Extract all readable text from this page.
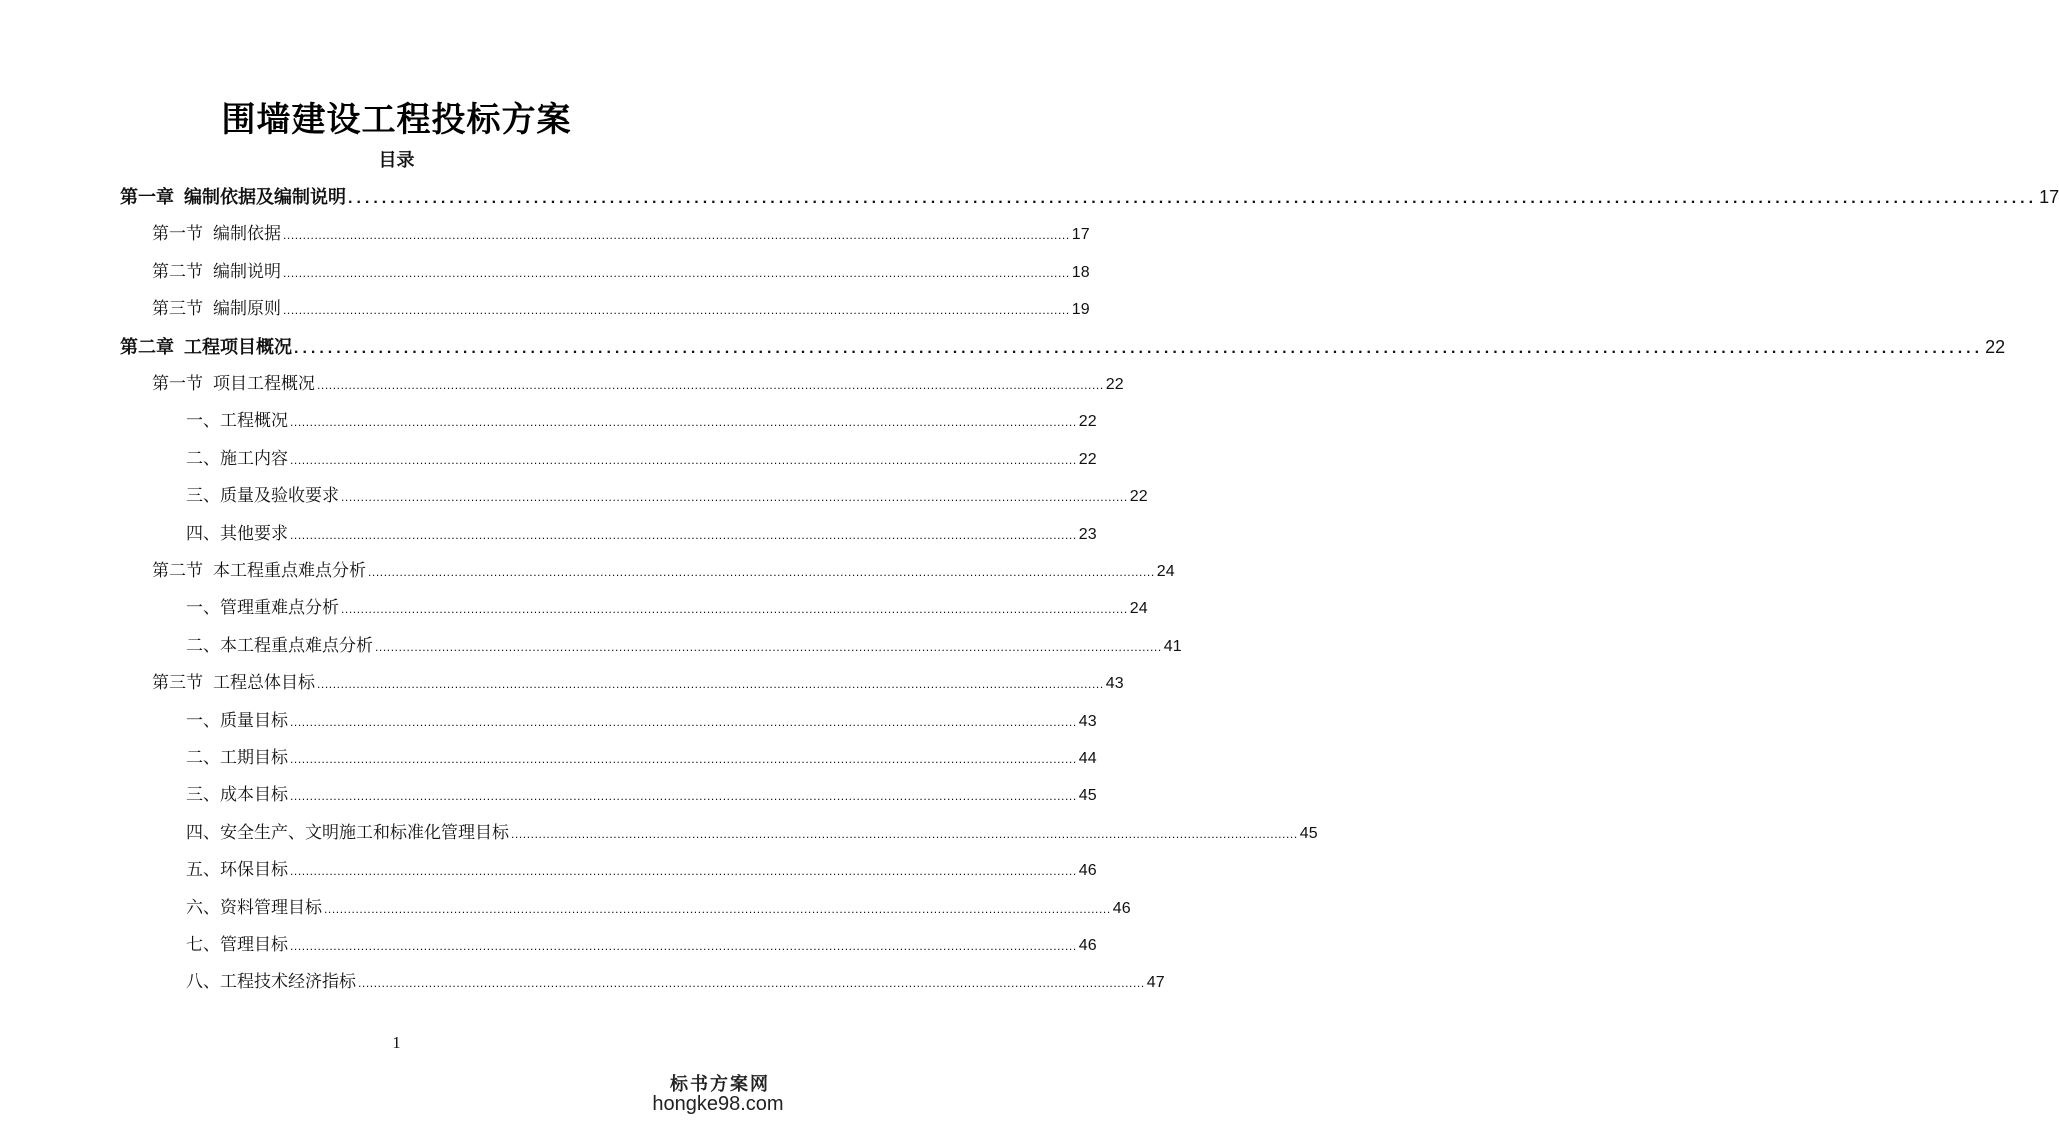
围墙建设工程投标方案
目录
第一章 编制依据及编制说明 ........................................................................................................................................................................................................ 17
第一节 编制依据 ........................................................................................................................................................................................................ 17
第二节 编制说明 ........................................................................................................................................................................................................ 18
第三节 编制原则 ........................................................................................................................................................................................................ 19
第二章 工程项目概况 ........................................................................................................................................................................................................ 22
第一节 项目工程概况 ........................................................................................................................................................................................................ 22
一、工程概况 ........................................................................................................................................................................................................ 22
二、施工内容 ........................................................................................................................................................................................................ 22
三、质量及验收要求 ........................................................................................................................................................................................................ 22
四、其他要求 ........................................................................................................................................................................................................ 23
第二节 本工程重点难点分析 ........................................................................................................................................................................................................ 24
一、管理重难点分析 ........................................................................................................................................................................................................ 24
二、本工程重点难点分析 ........................................................................................................................................................................................................ 41
第三节 工程总体目标 ........................................................................................................................................................................................................ 43
一、质量目标 ........................................................................................................................................................................................................ 43
二、工期目标 ........................................................................................................................................................................................................ 44
三、成本目标 ........................................................................................................................................................................................................ 45
四、安全生产、文明施工和标准化管理目标 ........................................................................................................................................................................................................ 45
五、环保目标 ........................................................................................................................................................................................................ 46
六、资料管理目标 ........................................................................................................................................................................................................ 46
七、管理目标 ........................................................................................................................................................................................................ 46
八、工程技术经济指标 ........................................................................................................................................................................................................ 47
1
标书方案网
hongke98.com
